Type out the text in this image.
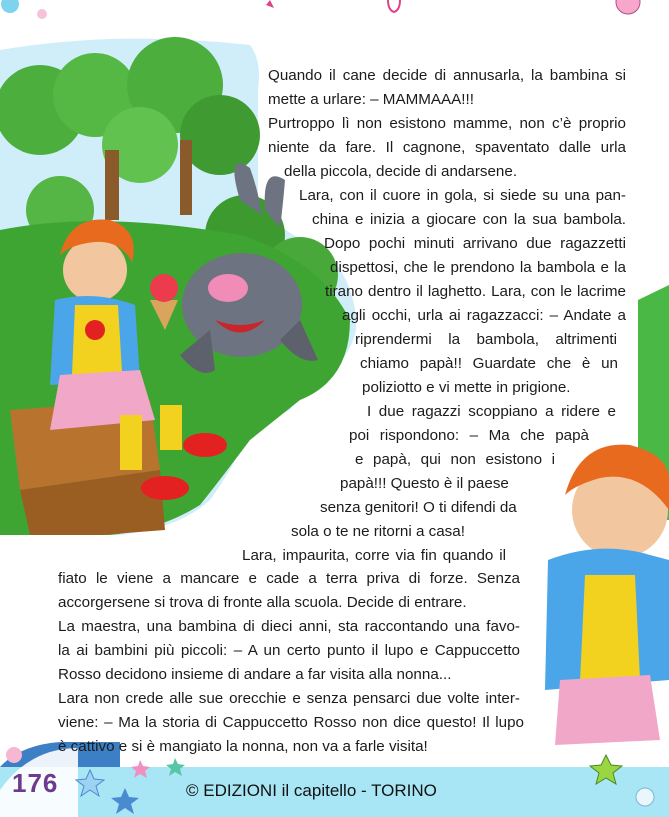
Quando il cane decide di annusarla, la bambina si
mette a urlare: – MAMMAAA!!!
Purtroppo lì non esistono mamme, non c’è proprio
niente da fare. Il cagnone, spaventato dalle urla
della piccola, decide di andarsene.
Lara, con il cuore in gola, si siede su una pan-
china e inizia a giocare con la sua bambola.
Dopo pochi minuti arrivano due ragazzetti
dispettosi, che le prendono la bambola e la
tirano dentro il laghetto. Lara, con le lacrime
agli occhi, urla ai ragazzacci: – Andate a
riprendermi la bambola, altrimenti
chiamo papà!! Guardate che è un
poliziotto e vi mette in prigione.
I due ragazzi scoppiano a ridere e
poi rispondono: – Ma che papà
e papà, qui non esistono i
papà!!! Questo è il paese
senza genitori! O ti difendi da
sola o te ne ritorni a casa!
Lara, impaurita, corre via fin quando il
fiato le viene a mancare e cade a terra priva di forze. Senza
accorgersene si trova di fronte alla scuola. Decide di entrare.
La maestra, una bambina di dieci anni, sta raccontando una favo-
la ai bambini più piccoli: – A un certo punto il lupo e Cappuccetto
Rosso decidono insieme di andare a far visita alla nonna...
Lara non crede alle sue orecchie e senza pensarci due volte inter-
viene: – Ma la storia di Cappuccetto Rosso non dice questo! Il lupo
è cattivo e si è mangiato la nonna, non va a farle visita!
176	© EDIZIONI il capitello - TORINO
